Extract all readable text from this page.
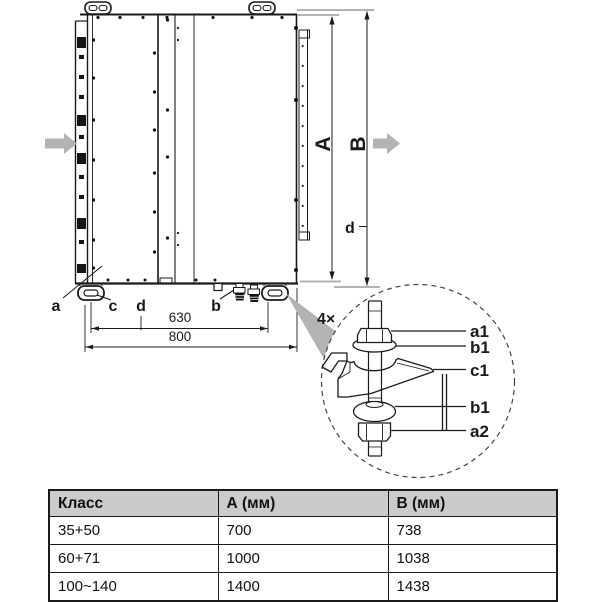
A B
d
a	c d	b
630
800
4×
a1
b1
c1
b1
a2
Класс	А (мм)	В (мм)
35+50	700	738
60+71	1000	1038
100~140	1400	1438
